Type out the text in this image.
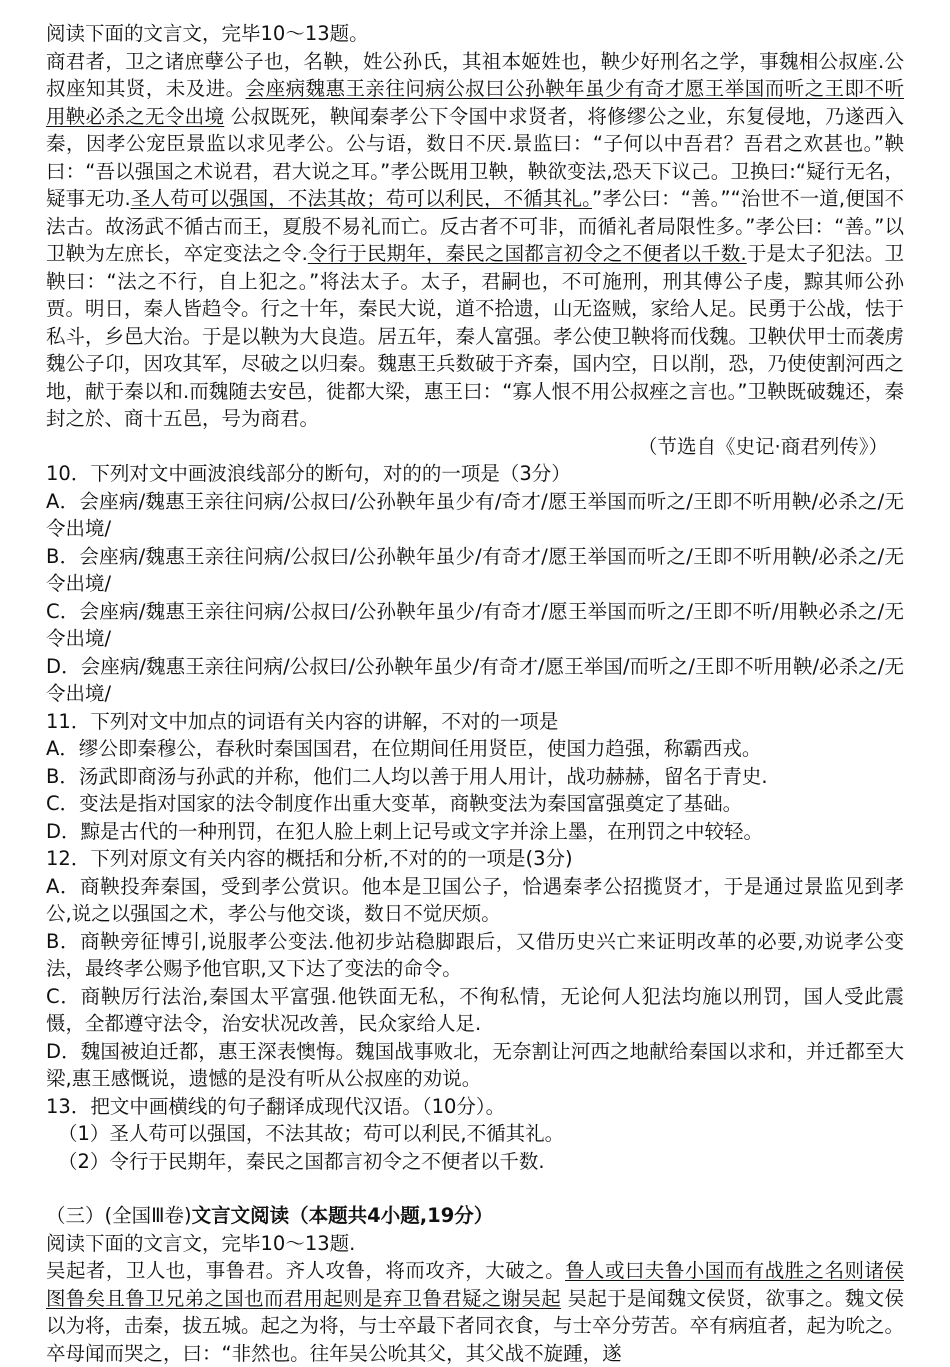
阅读下面的文言文，完毕10～13题。

商君者，卫之诸庶孽公子也，名鞅，姓公孙氏，其祖本姬姓也，鞅少好刑名之学，事魏相公叔座.公叔座知其贤，未及进。会座病魏惠王亲往问病公叔曰公孙鞅年虽少有奇才愿王举国而听之王即不听用鞅必杀之无令出境 公叔既死，鞅闻秦孝公下令国中求贤者，将修缪公之业，东复侵地，乃遂西入秦，因孝公宠臣景监以求见孝公。公与语，数日不厌.景监曰：“子何以中吾君？吾君之欢甚也。”鞅曰：“吾以强国之术说君，君大说之耳。”孝公既用卫鞅，鞅欲变法,恐天下议己。卫换曰:“疑行无名，疑事无功.圣人苟可以强国，不法其故；苟可以利民，不循其礼。”孝公曰：“善。”“治世不一道,便国不法古。故汤武不循古而王，夏殷不易礼而亡。反古者不可非，而循礼者局限性多。”孝公曰：“善。”以卫鞅为左庶长，卒定变法之令.令行于民期年，秦民之国都言初令之不便者以千数.于是太子犯法。卫鞅曰：“法之不行，自上犯之。”将法太子。太子，君嗣也，不可施刑，刑其傅公子虔，黥其师公孙贾。明日，秦人皆趋令。行之十年，秦民大说，道不拾遗，山无盗贼，家给人足。民勇于公战，怯于私斗，乡邑大治。于是以鞅为大良造。居五年，秦人富强。孝公使卫鞅将而伐魏。卫鞅伏甲士而袭虏魏公子卬，因攻其军，尽破之以归秦。魏惠王兵数破于齐秦，国内空，日以削，恐，乃使使割河西之地，献于秦以和.而魏随去安邑，徙都大梁，惠王曰：“寡人恨不用公叔痤之言也。”卫鞅既破魏还，秦封之於、商十五邑，号为商君。

（节选自《史记·商君列传》）

10．下列对文中画波浪线部分的断句，对的的一项是（3分）

A．会座病/魏惠王亲往问病/公叔曰/公孙鞅年虽少有/奇才/愿王举国而听之/王即不听用鞅/必杀之/无令出境/

B．会座病/魏惠王亲往问病/公叔曰/公孙鞅年虽少/有奇才/愿王举国而听之/王即不听用鞅/必杀之/无令出境/

C．会座病/魏惠王亲往问病/公叔曰/公孙鞅年虽少/有奇才/愿王举国而听之/王即不听/用鞅必杀之/无令出境/

D．会座病/魏惠王亲往问病/公叔曰/公孙鞅年虽少/有奇才/愿王举国/而听之/王即不听用鞅/必杀之/无令出境/

11．下列对文中加点的词语有关内容的讲解，不对的一项是

A．缪公即秦穆公，春秋时秦国国君，在位期间任用贤臣，使国力趋强，称霸西戎。

B．汤武即商汤与孙武的并称，他们二人均以善于用人用计，战功赫赫，留名于青史.

C．变法是指对国家的法令制度作出重大变革，商鞅变法为秦国富强奠定了基础。

D．黥是古代的一种刑罚，在犯人脸上刺上记号或文字并涂上墨，在刑罚之中较轻。

12．下列对原文有关内容的概括和分析,不对的的一项是(3分)

A．商鞅投奔秦国，受到孝公赏识。他本是卫国公子，恰遇秦孝公招揽贤才，于是通过景监见到孝公,说之以强国之术，孝公与他交谈，数日不觉厌烦。

B．商鞅旁征博引,说服孝公变法.他初步站稳脚跟后，又借历史兴亡来证明改革的必要,劝说孝公变法，最终孝公赐予他官职,又下达了变法的命令。

C．商鞅厉行法治,秦国太平富强.他铁面无私，不徇私情，无论何人犯法均施以刑罚，国人受此震慑，全都遵守法令，治安状况改善，民众家给人足.

D．魏国被迫迁都，惠王深表懊悔。魏国战事败北，无奈割让河西之地献给秦国以求和，并迁都至大梁,惠王感慨说，遗憾的是没有听从公叔座的劝说。

13．把文中画横线的句子翻译成现代汉语。（10分）。

（1）圣人苟可以强国，不法其故；苟可以利民,不循其礼。

（2）令行于民期年，秦民之国都言初令之不便者以千数.

（三）(全国Ⅲ卷)文言文阅读（本题共4小题,19分）

阅读下面的文言文，完毕10～13题.

吴起者，卫人也，事鲁君。齐人攻鲁，将而攻齐，大破之。鲁人或曰夫鲁小国而有战胜之名则诸侯图鲁矣且鲁卫兄弟之国也而君用起则是弃卫鲁君疑之谢吴起 吴起于是闻魏文侯贤，欲事之。魏文侯以为将，击秦，拔五城。起之为将，与士卒最下者同衣食，与士卒分劳苦。卒有病疽者，起为吮之。卒母闻而哭之，曰：“非然也。往年吴公吮其父，其父战不旋踵，遂
